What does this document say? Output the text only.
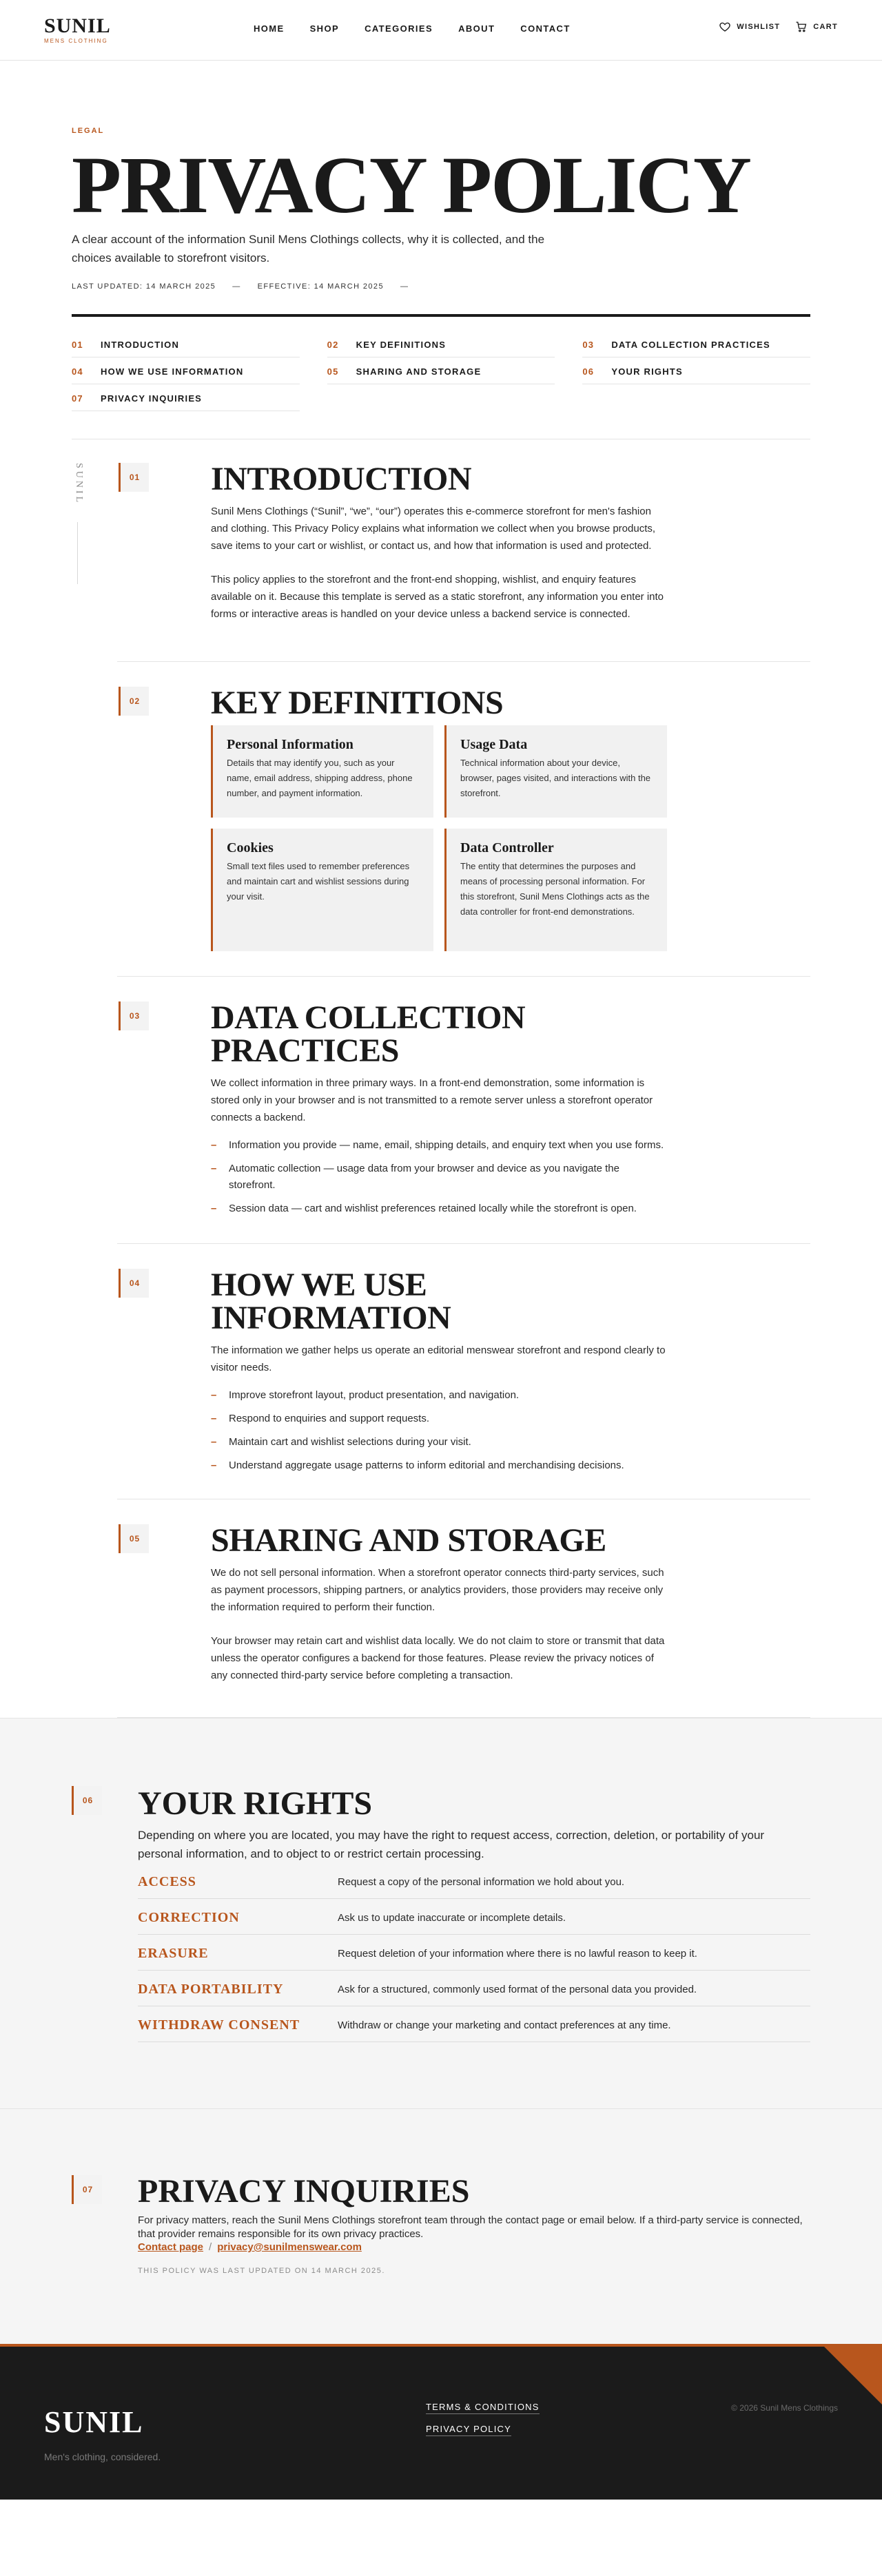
SUNIL
MENS CLOTHING
HOME	SHOP	CATEGORIES	ABOUT	CONTACT	WISHLIST	CART
LEGAL
PRIVACY POLICY

A clear account of the information Sunil Mens Clothings collects, why it is collected, and the choices available to storefront visitors.

LAST UPDATED: 14 MARCH 2025 — EFFECTIVE: 14 MARCH 2025 —
01 INTRODUCTION	02 KEY DEFINITIONS	03 DATA COLLECTION PRACTICES
04 HOW WE USE INFORMATION	05 SHARING AND STORAGE	06 YOUR RIGHTS
07 PRIVACY INQUIRIES
SUNIL	01 INTRODUCTION

Sunil Mens Clothings (“Sunil”, “we”, “our”) operates this e-commerce storefront for men's fashion and clothing. This Privacy Policy explains what information we collect when you browse products, save items to your cart or wishlist, or contact us, and how that information is used and protected.

This policy applies to the storefront and the front-end shopping, wishlist, and enquiry features available on it. Because this template is served as a static storefront, any information you enter into forms or interactive areas is handled on your device unless a backend service is connected.

02 KEY DEFINITIONS
Personal Information

Details that may identify you, such as your name, email address, shipping address, phone number, and payment information.

Usage Data

Technical information about your device, browser, pages visited, and interactions with the storefront.

Cookies

Small text files used to remember preferences and maintain cart and wishlist sessions during your visit.

Data Controller

The entity that determines the purposes and means of processing personal information. For this storefront, Sunil Mens Clothings acts as the data controller for front-end demonstrations.

03 DATA COLLECTION
PRACTICES

We collect information in three primary ways. In a front-end demonstration, some information is stored only in your browser and is not transmitted to a remote server unless a storefront operator connects a backend.

– Information you provide — name, email, shipping details, and enquiry text when you use forms.
– Automatic collection — usage data from your browser and device as you navigate the storefront.
– Session data — cart and wishlist preferences retained locally while the storefront is open.
04 HOW WE USE
INFORMATION

The information we gather helps us operate an editorial menswear storefront and respond clearly to visitor needs.

– Improve storefront layout, product presentation, and navigation.
– Respond to enquiries and support requests.
– Maintain cart and wishlist selections during your visit.
– Understand aggregate usage patterns to inform editorial and merchandising decisions.
05 SHARING AND STORAGE

We do not sell personal information. When a storefront operator connects third-party services, such as payment processors, shipping partners, or analytics providers, those providers may receive only the information required to perform their function.

Your browser may retain cart and wishlist data locally. We do not claim to store or transmit that data unless the operator configures a backend for those features. Please review the privacy notices of any connected third-party service before completing a transaction.

06 YOUR RIGHTS

Depending on where you are located, you may have the right to request access, correction, deletion, or portability of your personal information, and to object to or restrict certain processing.

ACCESS	Request a copy of the personal information we hold about you.
CORRECTION	Ask us to update inaccurate or incomplete details.
ERASURE	Request deletion of your information where there is no lawful reason to keep it.
DATA PORTABILITY	Ask for a structured, commonly used format of the personal data you provided.
WITHDRAW CONSENT	Withdraw or change your marketing and contact preferences at any time.
07 PRIVACY INQUIRIES

For privacy matters, reach the Sunil Mens Clothings storefront team through the contact page or email below. If a third-party service is connected, that provider remains responsible for its own privacy practices.

Contact page / privacy@sunilmenswear.com

THIS POLICY WAS LAST UPDATED ON 14 MARCH 2025.

SUNIL
Men's clothing, considered.
TERMS & CONDITIONS
PRIVACY POLICY
© 2026 Sunil Mens Clothings
